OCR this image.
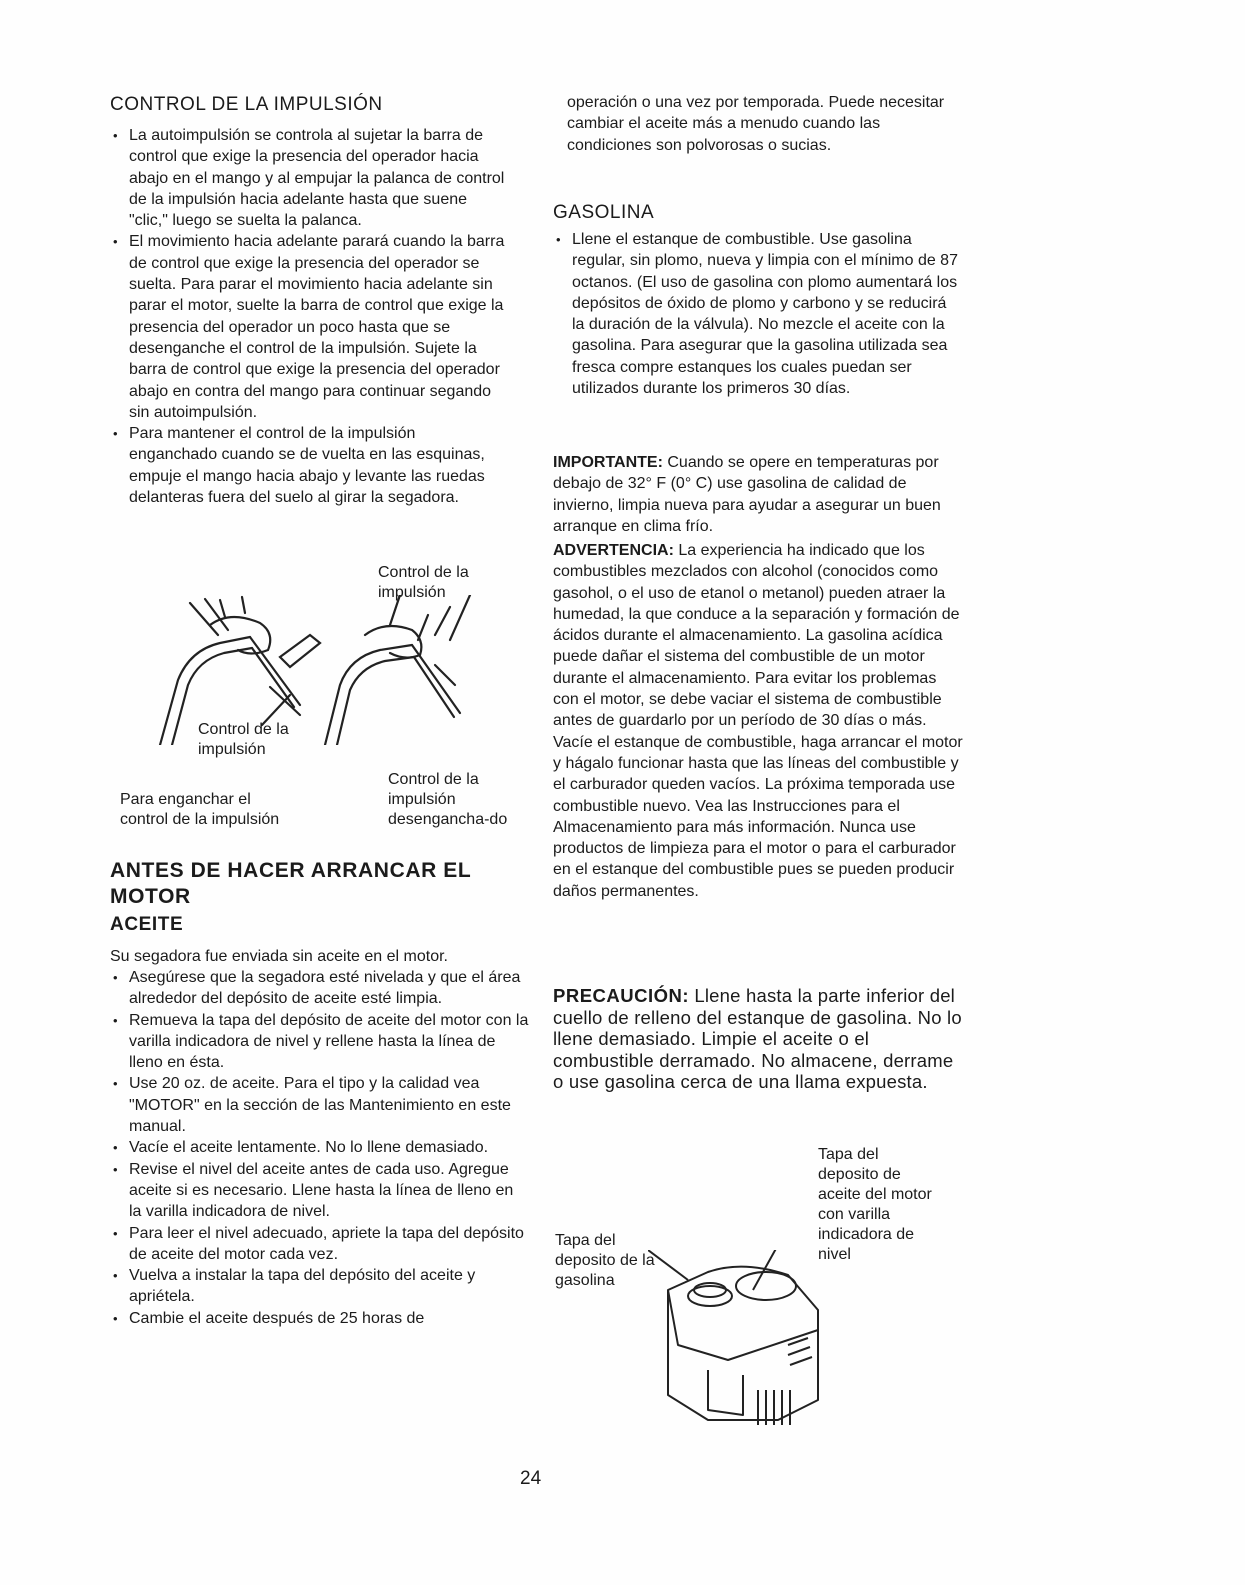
CONTROL DE LA IMPULSIÓN
• La autoimpulsión se controla al sujetar la barra de control que exige la presencia del operador hacia abajo en el mango y al empujar la palanca de control de la impulsión hacia adelante hasta que suene "clic," luego se suelta la palanca.
• El movimiento hacia adelante parará cuando la barra de control que exige la presencia del operador se suelta. Para parar el movimiento hacia adelante sin parar el motor, suelte la barra de control que exige la presencia del operador un poco hasta que se desenganche el control de la impulsión. Sujete la barra de control que exige la presencia del operador abajo en contra del mango para continuar segando sin autoimpulsión.
• Para mantener el control de la impulsión enganchado cuando se de vuelta en las esquinas, empuje el mango hacia abajo y levante las ruedas delanteras fuera del suelo al girar la segadora.
Control de la impulsión
Control de la impulsión
Para enganchar el control de la impulsión
Control de la impulsión desengancha-do
ANTES DE HACER ARRANCAR EL MOTOR
ACEITE

Su segadora fue enviada sin aceite en el motor.

• Asegúrese que la segadora esté nivelada y que el área alrededor del depósito de aceite esté limpia.
• Remueva la tapa del depósito de aceite del motor con la varilla indicadora de nivel y rellene hasta la línea de lleno en ésta.
• Use 20 oz. de aceite. Para el tipo y la calidad vea "MOTOR" en la sección de las Mantenimiento en este manual.
• Vacíe el aceite lentamente. No lo llene demasiado.
• Revise el nivel del aceite antes de cada uso. Agregue aceite si es necesario. Llene hasta la línea de lleno en la varilla indicadora de nivel.
• Para leer el nivel adecuado, apriete la tapa del depósito de aceite del motor cada vez.
• Vuelva a instalar la tapa del depósito del aceite y apriétela.
• Cambie el aceite después de 25 horas de

operación o una vez por temporada. Puede necesitar cambiar el aceite más a menudo cuando las condiciones son polvorosas o sucias.

GASOLINA
• Llene el estanque de combustible. Use gasolina regular, sin plomo, nueva y limpia con el mínimo de 87 octanos. (El uso de gasolina con plomo aumentará los depósitos de óxido de plomo y carbono y se reducirá la duración de la válvula). No mezcle el aceite con la gasolina. Para asegurar que la gasolina utilizada sea fresca compre estanques los cuales puedan ser utilizados durante los primeros 30 días.

IMPORTANTE: Cuando se opere en temperaturas por debajo de 32° F (0° C) use gasolina de calidad de invierno, limpia nueva para ayudar a asegurar un buen arranque en clima frío.

ADVERTENCIA: La experiencia ha indicado que los combustibles mezclados con alcohol (conocidos como gasohol, o el uso de etanol o metanol) pueden atraer la humedad, la que conduce a la separación y formación de ácidos durante el almacenamiento. La gasolina acídica puede dañar el sistema del combustible de un motor durante el almacenamiento. Para evitar los problemas con el motor, se debe vaciar el sistema de combustible antes de guardarlo por un período de 30 días o más. Vacíe el estanque de combustible, haga arrancar el motor y hágalo funcionar hasta que las líneas del combustible y el carburador queden vacíos. La próxima temporada use combustible nuevo. Vea las Instrucciones para el Almacenamiento para más información. Nunca use productos de limpieza para el motor o para el carburador en el estanque del combustible pues se pueden producir daños permanentes.

PRECAUCIÓN: Llene hasta la parte inferior del cuello de relleno del estanque de gasolina. No lo llene demasiado. Limpie el aceite o el combustible derramado. No almacene, derrame o use gasolina cerca de una llama expuesta.

Tapa del deposito de aceite del motor con varilla indicadora de nivel
Tapa del deposito de la gasolina
24
